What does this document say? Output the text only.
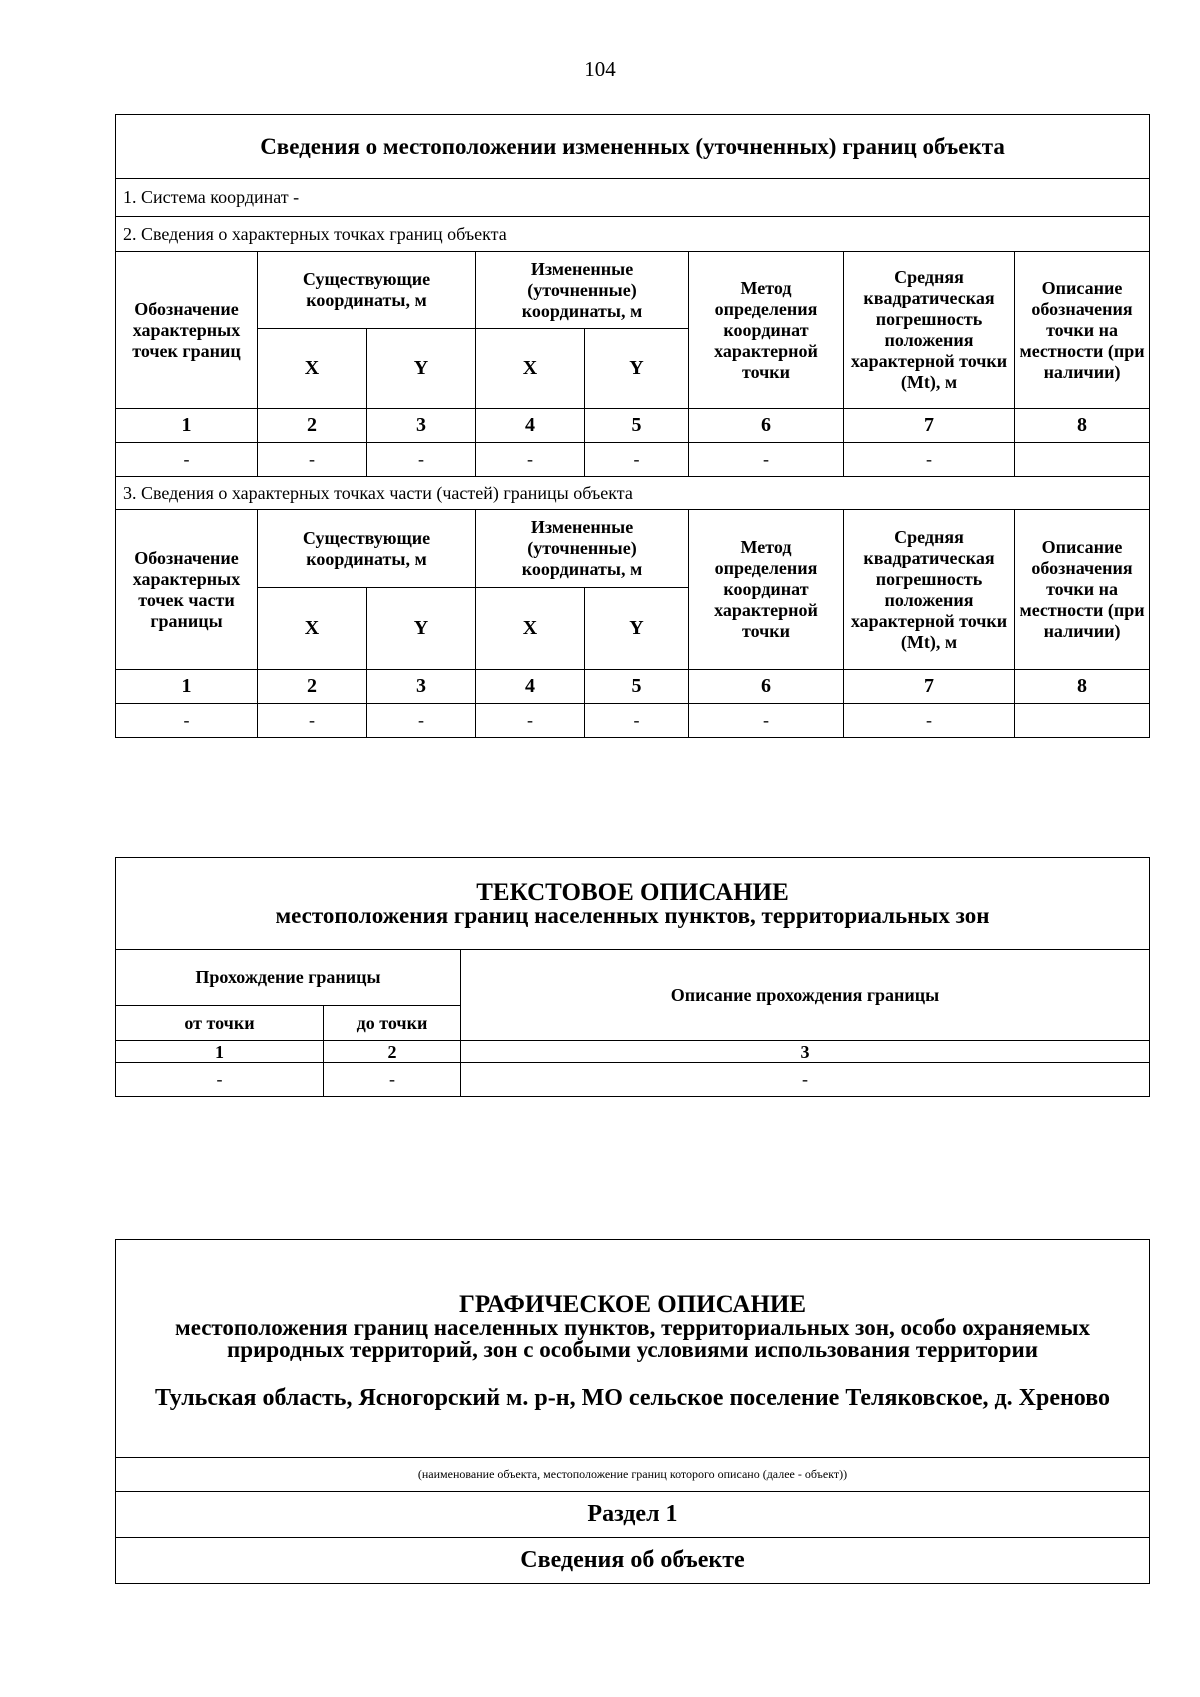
104
Сведения о местоположении измененных (уточненных) границ объекта							
1. Система координат -							
2. Сведения о характерных точках границ объекта							
Обозначение характерных точек границ	Существующие координаты, м		Измененные (уточненные) координаты, м		Метод определения координат характерной точки	Средняя квадратическая погрешность положения характерной точки (Mt), м	Описание обозначения точки на местности (при наличии)
	X	Y	X	Y			
1	2	3	4	5	6	7	8
-	-	-	-	-	-	-	
3. Сведения о характерных точках части (частей) границы объекта							
Обозначение характерных точек части границы	Существующие координаты, м		Измененные (уточненные) координаты, м		Метод определения координат характерной точки	Средняя квадратическая погрешность положения характерной точки (Mt), м	Описание обозначения точки на местности (при наличии)
	X	Y	X	Y			
1	2	3	4	5	6	7	8
-	-	-	-	-	-	-	
ТЕКСТОВОЕ ОПИСАНИЕ
местоположения границ населенных пунктов, территориальных зон		

Прохождение границы		Описание прохождения границы
от точки	до точки	
1	2	3
-	-	-
ГРАФИЧЕСКОЕ ОПИСАНИЕ
местоположения границ населенных пунктов, территориальных зон, особо охраняемых природных территорий, зон с особыми условиями использования территории
Тульская область, Ясногорский м. р-н, МО сельское поселение Теляковское, д. Хреново

(наименование объекта, местоположение границ которого описано (далее - объект))
Раздел 1
Сведения об объекте
